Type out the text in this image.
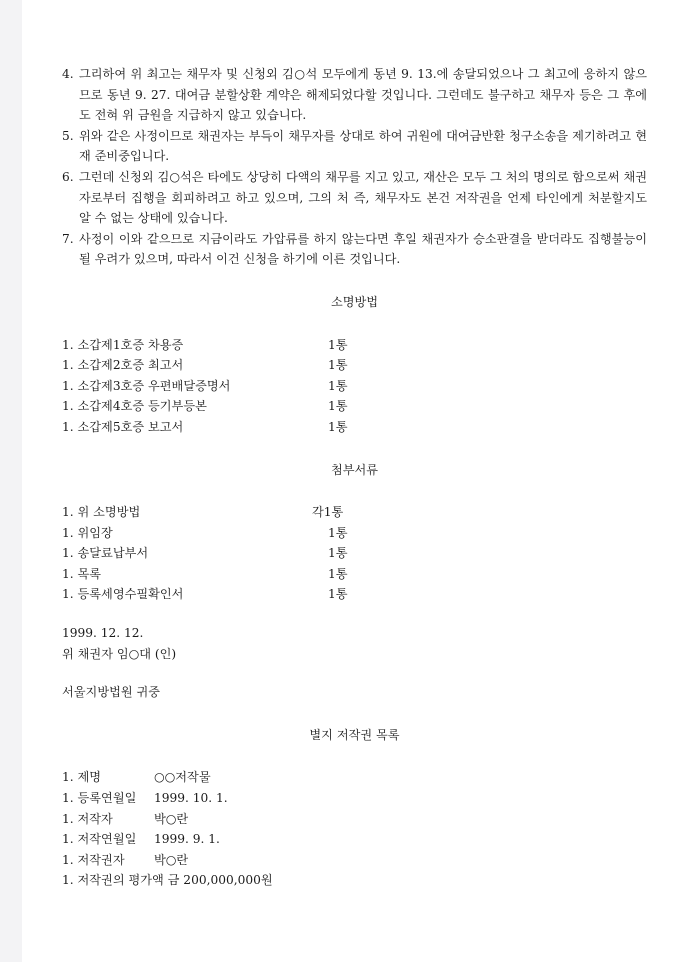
4. 그리하여 위 최고는 채무자 및 신청외 김○석 모두에게 동년 9. 13.에 송달되었으나 그 최고에 응하지 않으므로 동년 9. 27. 대여금 분할상환 계약은 해제되었다할 것입니다. 그런데도 불구하고 채무자 등은 그 후에도 전혀 위 금원을 지급하지 않고 있습니다.
5. 위와 같은 사정이므로 채권자는 부득이 채무자를 상대로 하여 귀원에 대여금반환 청구소송을 제기하려고 현재 준비중입니다.
6. 그런데 신청외 김○석은 타에도 상당히 다액의 채무를 지고 있고, 재산은 모두 그 처의 명의로 함으로써 채권자로부터 집행을 회피하려고 하고 있으며, 그의 처 즉, 채무자도 본건 저작권을 언제 타인에게 처분할지도 알 수 없는 상태에 있습니다.
7. 사정이 이와 같으므로 지금이라도 가압류를 하지 않는다면 후일 채권자가 승소판결을 받더라도 집행불능이 될 우려가 있으며, 따라서 이건 신청을 하기에 이른 것입니다.
소명방법
1. 소갑제1호증 차용증	1통
1. 소갑제2호증 최고서	1통
1. 소갑제3호증 우편배달증명서	1통
1. 소갑제4호증 등기부등본	1통
1. 소갑제5호증 보고서	1통
첨부서류
1. 위 소명방법	각1통
1. 위임장	1통
1. 송달료납부서	1통
1. 목록	1통
1. 등록세영수필확인서	1통
1999. 12. 12.
위 채권자 임○대 (인)
서울지방법원 귀중
별지 저작권 목록
1. 제명	○○저작물
1. 등록연월일 1999. 10. 1.
1. 저작자	박○란
1. 저작연월일 1999. 9. 1.
1. 저작권자 박○란
1. 저작권의 평가액 금 200,000,000원
